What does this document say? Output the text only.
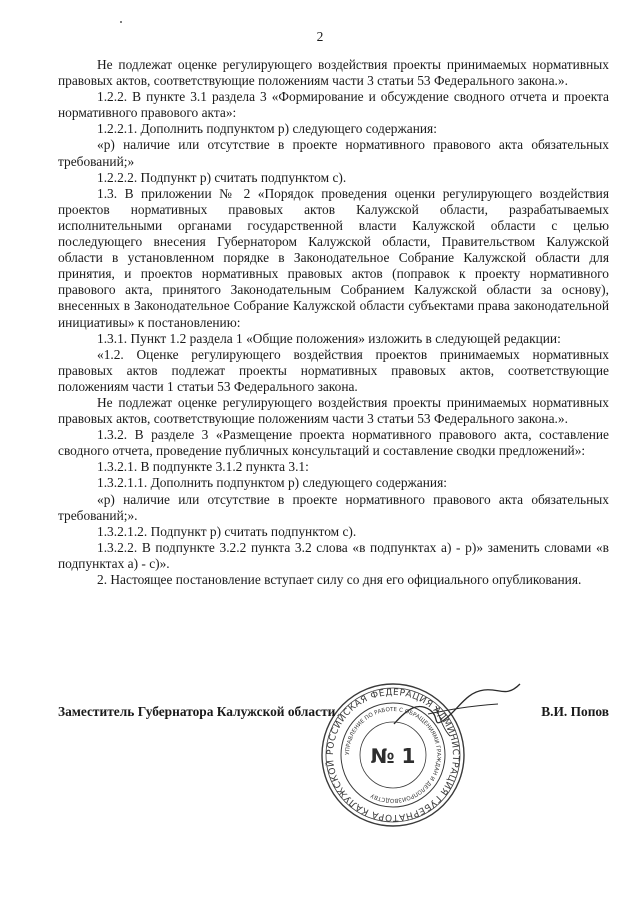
2

Не подлежат оценке регулирующего воздействия проекты принимаемых нормативных правовых актов, соответствующие положениям части 3 статьи 53 Федерального закона.».

1.2.2. В пункте 3.1 раздела 3 «Формирование и обсуждение сводного отчета и проекта нормативного правового акта»:

1.2.2.1. Дополнить подпунктом р) следующего содержания:

«р) наличие или отсутствие в проекте нормативного правового акта обязательных требований;»

1.2.2.2. Подпункт р) считать подпунктом с).

1.3. В приложении № 2 «Порядок проведения оценки регулирующего воздействия проектов нормативных правовых актов Калужской области, разрабатываемых исполнительными органами государственной власти Калужской области с целью последующего внесения Губернатором Калужской области, Правительством Калужской области в установленном порядке в Законодательное Собрание Калужской области для принятия, и проектов нормативных правовых актов (поправок к проекту нормативного правового акта, принятого Законодательным Собранием Калужской области за основу), внесенных в Законодательное Собрание Калужской области субъектами права законодательной инициативы» к постановлению:

1.3.1. Пункт 1.2 раздела 1 «Общие положения» изложить в следующей редакции:

«1.2. Оценке регулирующего воздействия проектов принимаемых нормативных правовых актов подлежат проекты нормативных правовых актов, соответствующие положениям части 1 статьи 53 Федерального закона.

Не подлежат оценке регулирующего воздействия проекты принимаемых нормативных правовых актов, соответствующие положениям части 3 статьи 53 Федерального закона.».

1.3.2. В разделе 3 «Размещение проекта нормативного правового акта, составление сводного отчета, проведение публичных консультаций и составление сводки предложений»:

1.3.2.1. В подпункте 3.1.2 пункта 3.1:

1.3.2.1.1. Дополнить подпунктом р) следующего содержания:

«р) наличие или отсутствие в проекте нормативного правового акта обязательных требований;».

1.3.2.1.2. Подпункт р) считать подпунктом с).

1.3.2.2. В подпункте 3.2.2 пункта 3.2 слова «в подпунктах а) - р)» заменить словами «в подпунктах а) - с)».

2. Настоящее постановление вступает силу со дня его официального опубликования.

РОССИЙСКАЯ ФЕДЕРАЦИЯ АДМИНИСТРАЦИЯ ГУБЕРНАТОРА КАЛУЖСКОЙ
УПРАВЛЕНИЕ ПО РАБОТЕ С ОБРАЩЕНИЯМИ ГРАЖДАН И ДЕЛОПРОИЗВОДСТВУ
№ 1
Заместитель Губернатора Калужской области	В.И. Попов
